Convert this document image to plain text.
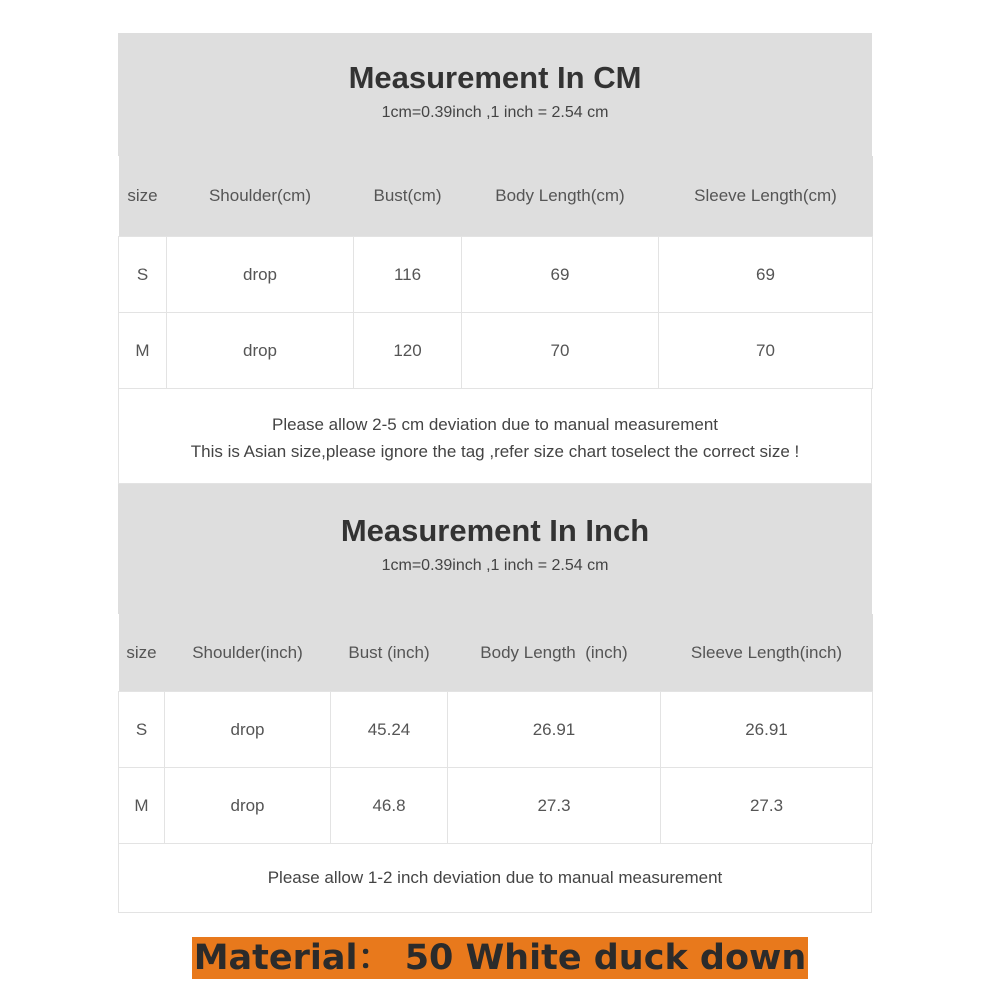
Measurement In CM
1cm=0.39inch ,1 inch = 2.54 cm
size	Shoulder(cm)	Bust(cm)	Body Length(cm)	Sleeve Length(cm)
S	drop	116	69	69
M	drop	120	70	70
Please allow 2-5 cm deviation due to manual measurement
This is Asian size,please ignore the tag ,refer size chart toselect the correct size !
Measurement In Inch
1cm=0.39inch ,1 inch = 2.54 cm
size	Shoulder(inch)	Bust (inch)	Body Length  (inch)	Sleeve Length(inch)
S	drop	45.24	26.91	26.91
M	drop	46.8	27.3	27.3
Please allow 1-2 inch deviation due to manual measurement
Material： 50 White duck down
